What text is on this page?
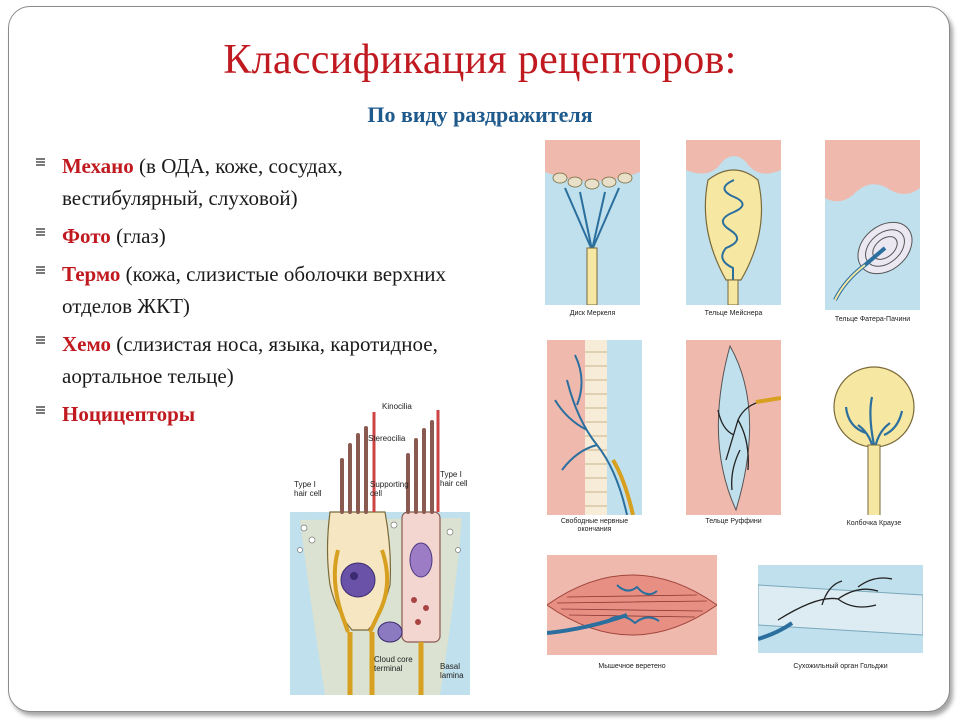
Классификация рецепторов:
По виду раздражителя
Механо (в ОДА, коже, сосудах, вестибулярный, слуховой)
Фото (глаз)
Термо (кожа, слизистые оболочки верхних отделов ЖКТ)
Хемо (слизистая носа, языка, каротидное, аортальное тельце)
Ноцицепторы	Kinocilia
Stereocilia
Supporting
cell
Type I
hair cell
Type I
hair cell
Cloud core
terminal	Basal
lamina
Диск Меркеля	Тельце Мейснера
Тельце Фатера-Пачини
Свободные нервные
окончания
Тельце Руффини	Колбочка Краузе
Мышечное веретено	Сухожильный орган Гольджи
